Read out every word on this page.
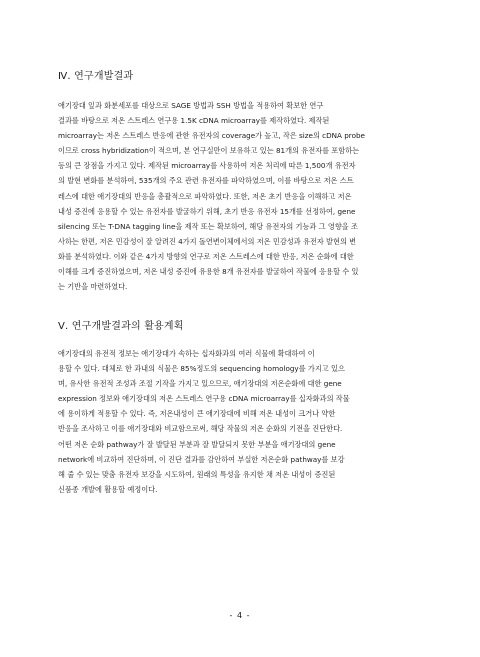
Ⅳ. 연구개발결과
애기장대 잎과 화분세포를 대상으로 SAGE 방법과 SSH 방법을 적용하여 확보한 연구
결과를 바탕으로 저온 스트레스 연구용 1.5K cDNA microarray를 제작하였다. 제작된
microarray는 저온 스트레스 반응에 관한 유전자의 coverage가 높고, 작은 size의 cDNA probe
이므로 cross hybridization이 적으며, 본 연구실만이 보유하고 있는 81개의 유전자를 포함하는
등의 큰 장점을 가지고 있다. 제작된 microarray를 사용하여 저온 처리에 따른 1,500개 유전자
의 발현 변화를 분석하여, 535개의 주요 관련 유전자를 파악하였으며, 이를 바탕으로 저온 스트
레스에 대한 애기장대의 반응을 총괄적으로 파악하였다. 또한, 저온 초기 반응을 이해하고 저온
내성 증진에 응용할 수 있는 유전자를 발굴하기 위해, 초기 반응 유전자 15개를 선정하여, gene
silencing 또는 T-DNA tagging line을 제작 또는 확보하여, 해당 유전자의 기능과 그 영향을 조
사하는 한편, 저온 민감성이 잘 알려진 4가지 돌연변이체에서의 저온 민감성과 유전자 발현의 변
화를 분석하였다. 이와 같은 4가지 방향의 연구로 저온 스트레스에 대한 반응, 저온 순화에 대한
이해를 크게 증진하였으며, 저온 내성 증진에 유용한 8개 유전자를 발굴하여 작물에 응용할 수 있
는 기반을 마련하였다.
Ⅴ. 연구개발결과의 활용계획
애기장대의 유전적 정보는 애기장대가 속하는 십자화과의 여러 식물에 확대하여 이
용할 수 있다. 대체로 한 과내의 식물은 85%정도의 sequencing homology를 가지고 있으
며, 유사한 유전적 조성과 조절 기작을 가지고 있으므로, 애기장대의 저온순화에 대한 gene
expression 정보와 애기장대의 저온 스트레스 연구용 cDNA microarray를 십자화과의 작물
에 용이하게 적용할 수 있다. 즉, 저온내성이 큰 애기장대에 비해 저온 내성이 크거나 약한
반응을 조사하고 이를 애기장대와 비교함으로써, 해당 작물의 저온 순화의 기전을 진단한다.
어떤 저온 순화 pathway가 잘 발달된 부분과 잘 발달되지 못한 부분을 애기장대의 gene
network에 비교하여 진단하며, 이 진단 결과를 감안하여 부실한 저온순화 pathway를 보강
해 줄 수 있는 맞춤 유전자 보강을 시도하여, 원래의 특성을 유지한 채 저온 내성이 증진된
신품종 개발에 활용할 예정이다.
- 4 -
